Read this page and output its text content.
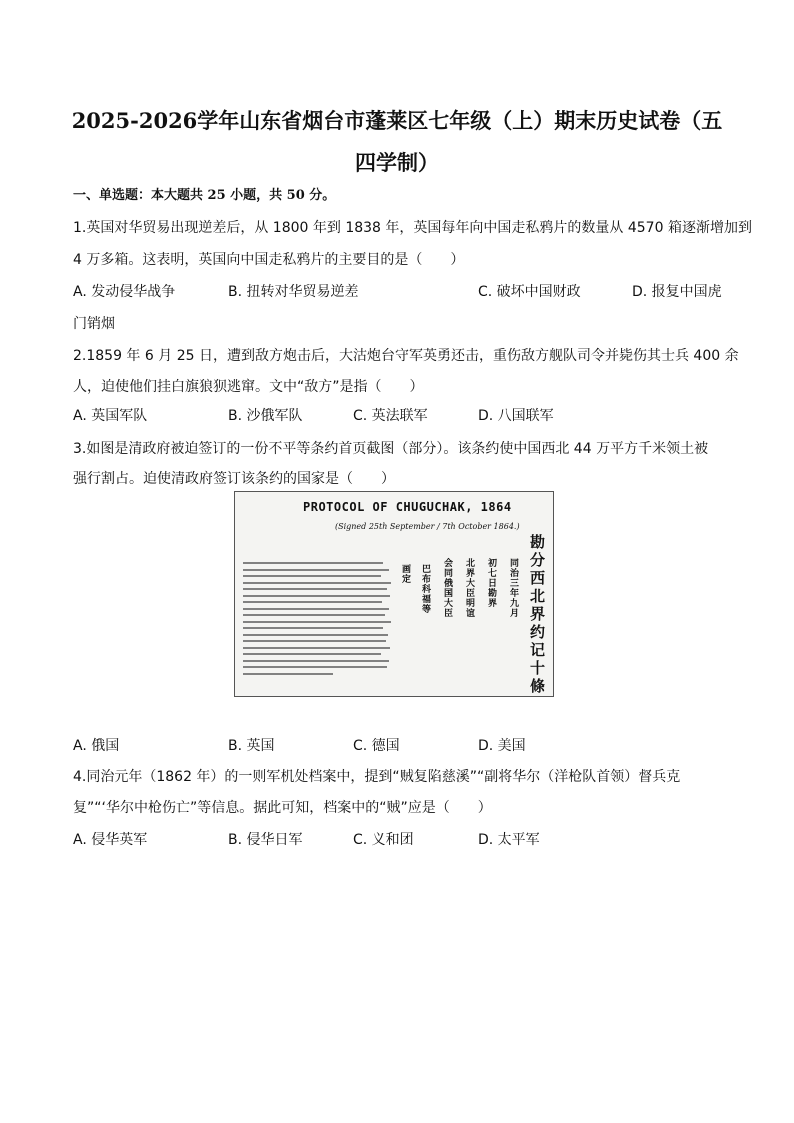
2025-2026学年山东省烟台市蓬莱区七年级（上）期末历史试卷（五
四学制）
一、单选题：本大题共 25 小题，共 50 分。
1.英国对华贸易出现逆差后，从 1800 年到 1838 年，英国每年向中国走私鸦片的数量从 4570 箱逐渐增加到
4 万多箱。这表明，英国向中国走私鸦片的主要目的是（　　）
A. 发动侵华战争	B. 扭转对华贸易逆差	C. 破坏中国财政	D. 报复中国虎
门销烟
2.1859 年 6 月 25 日，遭到敌方炮击后，大沽炮台守军英勇还击，重伤敌方舰队司令并毙伤其士兵 400 余
人，迫使他们挂白旗狼狈逃窜。文中“敌方”是指（　　）
A. 英国军队	B. 沙俄军队	C. 英法联军	D. 八国联军
3.如图是清政府被迫签订的一份不平等条约首页截图（部分）。该条约使中国西北 44 万平方千米领土被
强行割占。迫使清政府签订该条约的国家是（　　）
PROTOCOL OF CHUGUCHAK, 1864
(Signed 25th September / 7th October 1864.)
同治三年九月
初七日勘界
北界大臣明谊
会同俄国大臣
巴布科福等
画定	勘分西北界约记十條
A. 俄国	B. 英国	C. 德国	D. 美国
4.同治元年（1862 年）的一则军机处档案中，提到“贼复陷慈溪”“副将华尔（洋枪队首领）督兵克
复”“‘华尔中枪伤亡”等信息。据此可知，档案中的“贼”应是（　　）
A. 侵华英军	B. 侵华日军	C. 义和团	D. 太平军
